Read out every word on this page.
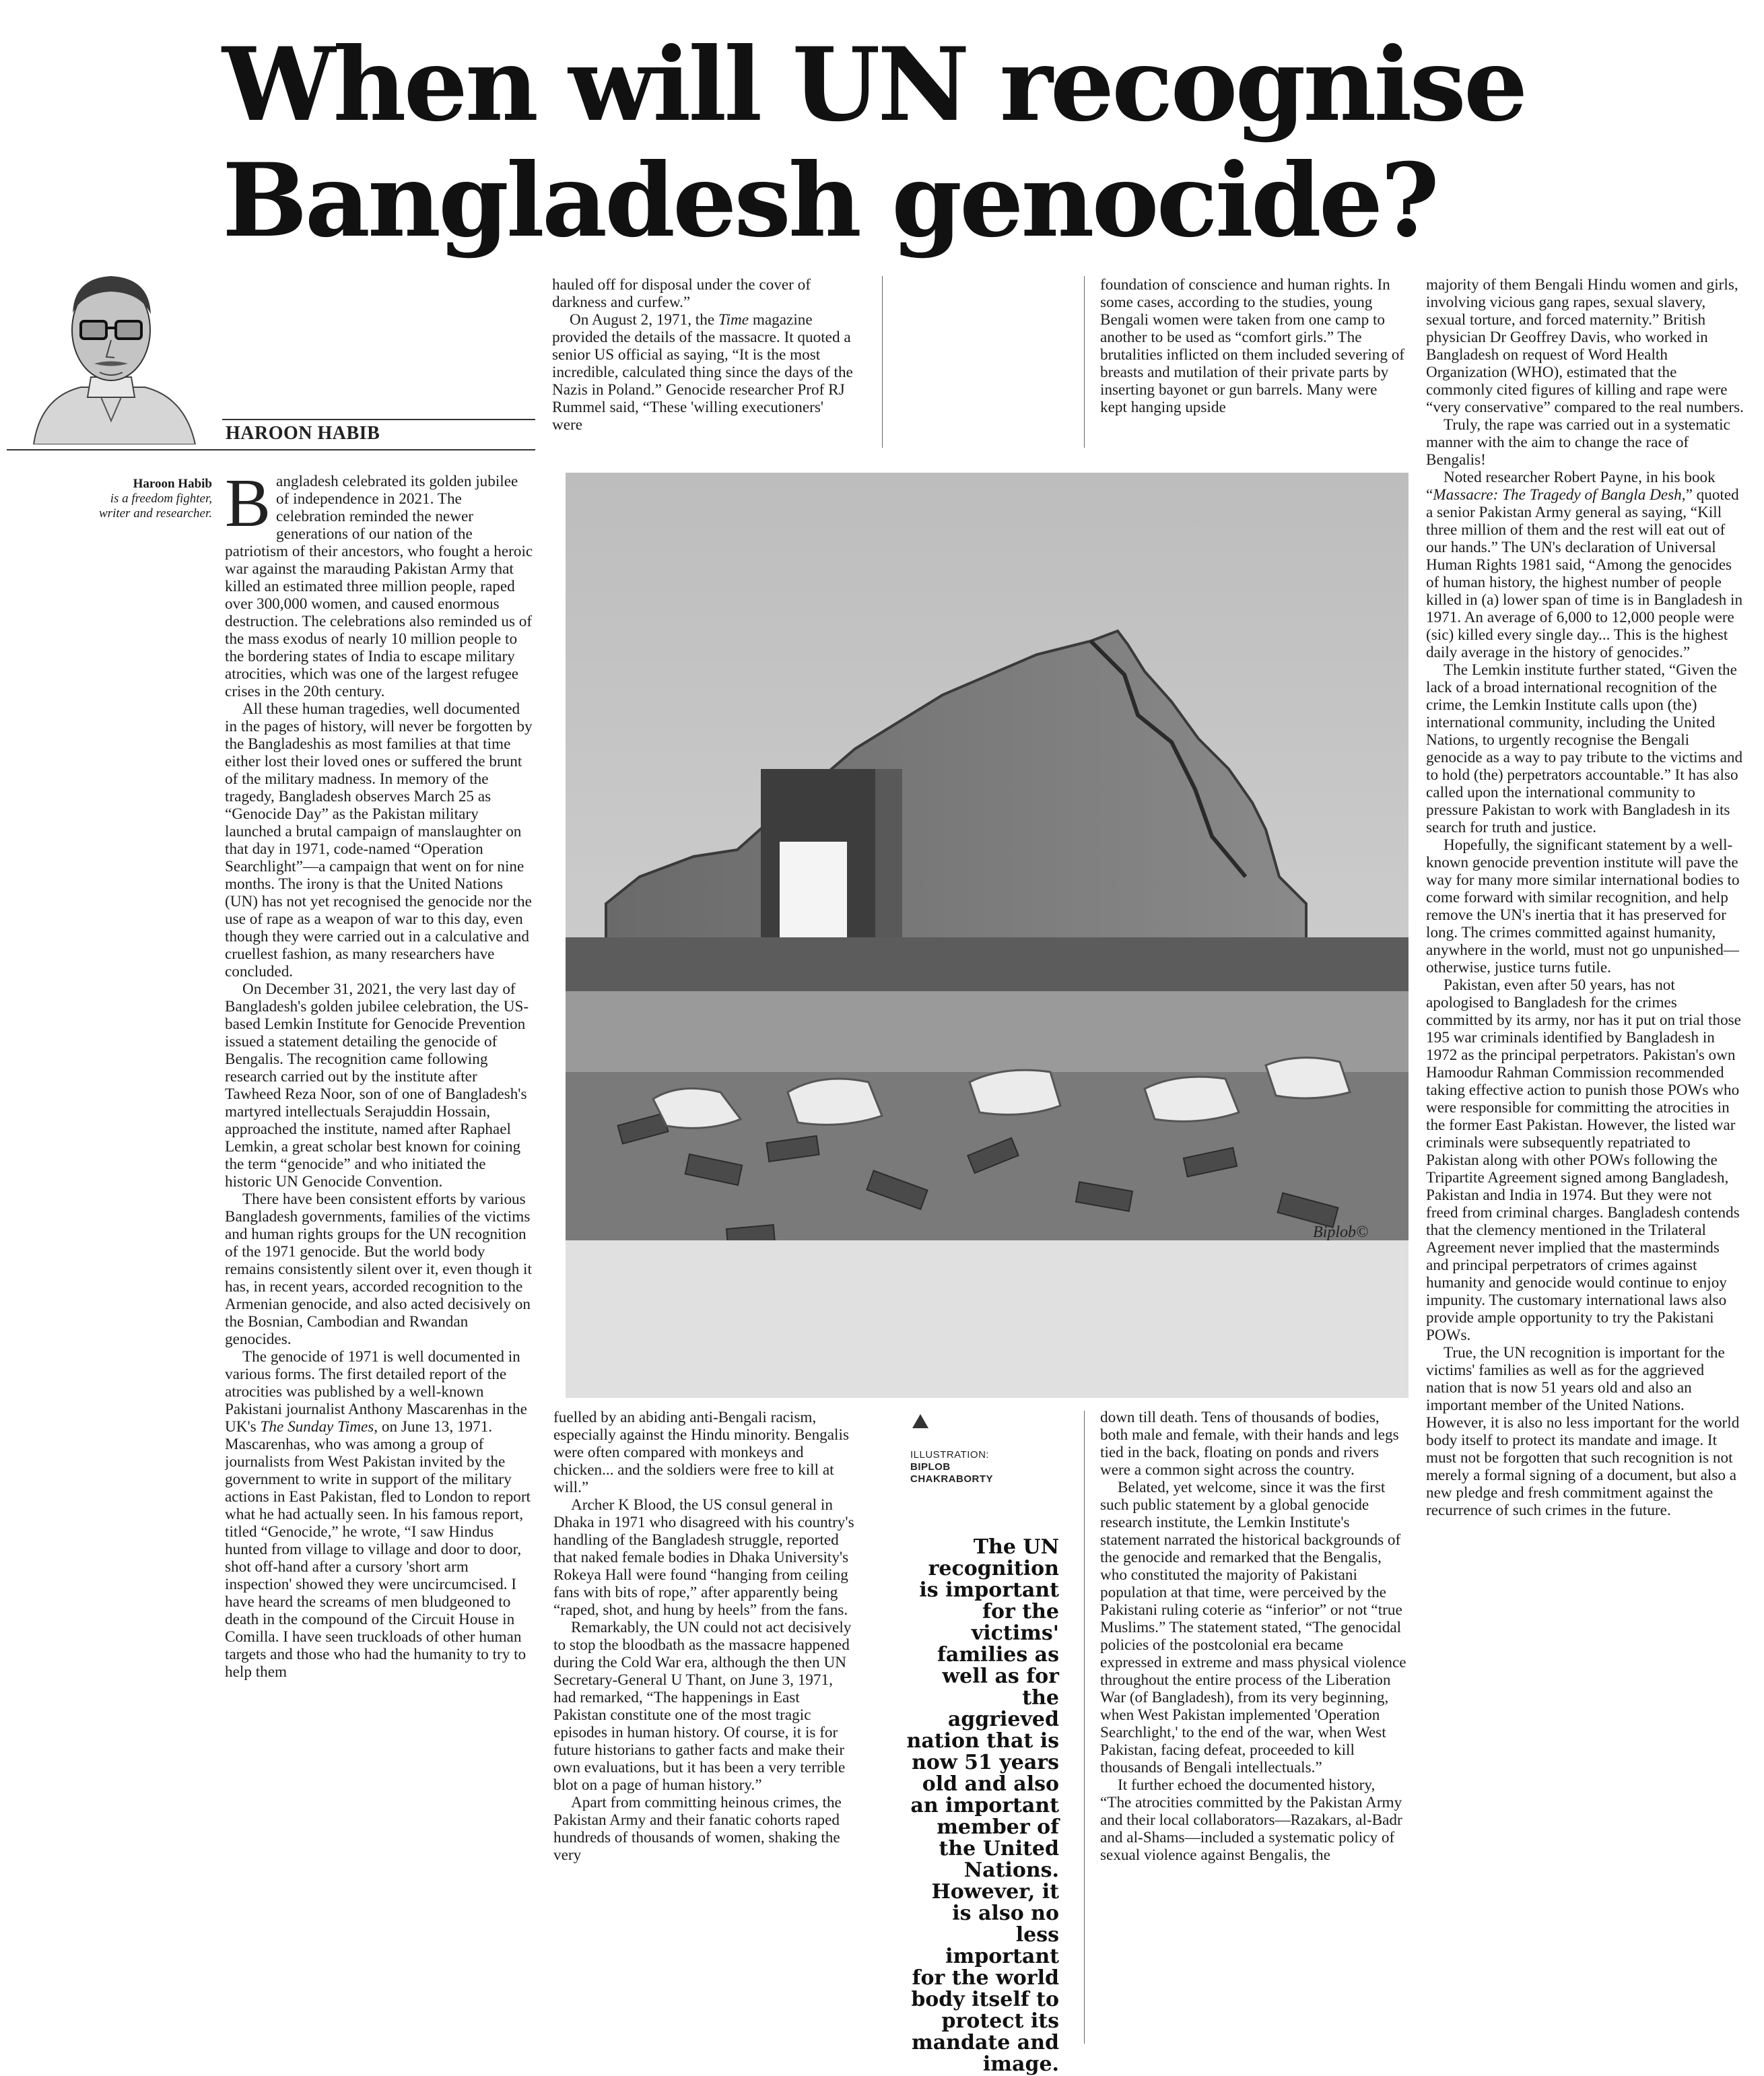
When will UN recognise
Bangladesh genocide?
HAROON HABIB
Haroon Habib
is a freedom fighter,
writer and researcher. Bangladesh celebrated its golden jubilee of independence in 2021. The celebration reminded the newer generations of our nation of the patriotism of their ancestors, who fought a heroic war against the marauding Pakistan Army that killed an estimated three million people, raped over 300,000 women, and caused enormous destruction. The celebrations also reminded us of the mass exodus of nearly 10 million people to the bordering states of India to escape military atrocities, which was one of the largest refugee crises in the 20th century.

All these human tragedies, well documented in the pages of history, will never be forgotten by the Bangladeshis as most families at that time either lost their loved ones or suffered the brunt of the military madness. In memory of the tragedy, Bangladesh observes March 25 as “Genocide Day” as the Pakistan military launched a brutal campaign of manslaughter on that day in 1971, code-named “Operation Searchlight”—a campaign that went on for nine months. The irony is that the United Nations (UN) has not yet recognised the genocide nor the use of rape as a weapon of war to this day, even though they were carried out in a calculative and cruellest fashion, as many researchers have concluded.

On December 31, 2021, the very last day of Bangladesh's golden jubilee celebration, the US-based Lemkin Institute for Genocide Prevention issued a statement detailing the genocide of Bengalis. The recognition came following research carried out by the institute after Tawheed Reza Noor, son of one of Bangladesh's martyred intellectuals Serajuddin Hossain, approached the institute, named after Raphael Lemkin, a great scholar best known for coining the term “genocide” and who initiated the historic UN Genocide Convention.

There have been consistent efforts by various Bangladesh governments, families of the victims and human rights groups for the UN recognition of the 1971 genocide. But the world body remains consistently silent over it, even though it has, in recent years, accorded recognition to the Armenian genocide, and also acted decisively on the Bosnian, Cambodian and Rwandan genocides.

The genocide of 1971 is well documented in various forms. The first detailed report of the atrocities was published by a well-known Pakistani journalist Anthony Mascarenhas in the UK's The Sunday Times, on June 13, 1971. Mascarenhas, who was among a group of journalists from West Pakistan invited by the government to write in support of the military actions in East Pakistan, fled to London to report what he had actually seen. In his famous report, titled “Genocide,” he wrote, “I saw Hindus hunted from village to village and door to door, shot off-hand after a cursory 'short arm inspection' showed they were uncircumcised. I have heard the screams of men bludgeoned to death in the compound of the Circuit House in Comilla. I have seen truckloads of other human targets and those who had the humanity to try to help them

hauled off for disposal under the cover of darkness and curfew.”

On August 2, 1971, the Time magazine provided the details of the massacre. It quoted a senior US official as saying, “It is the most incredible, calculated thing since the days of the Nazis in Poland.” Genocide researcher Prof RJ Rummel said, “These 'willing executioners' were

foundation of conscience and human rights. In some cases, according to the studies, young Bengali women were taken from one camp to another to be used as “comfort girls.” The brutalities inflicted on them included severing of breasts and mutilation of their private parts by inserting bayonet or gun barrels. Many were kept hanging upside

Biplob©
ILLUSTRATION:
BIPLOB
CHAKRABORTY
The UN recognition is important for the victims' families as well as for the aggrieved nation that is now 51 years old and also an important member of the United Nations. However, it is also no less important for the world body itself to protect its mandate and image.

fuelled by an abiding anti-Bengali racism, especially against the Hindu minority. Bengalis were often compared with monkeys and chicken... and the soldiers were free to kill at will.”

Archer K Blood, the US consul general in Dhaka in 1971 who disagreed with his country's handling of the Bangladesh struggle, reported that naked female bodies in Dhaka University's Rokeya Hall were found “hanging from ceiling fans with bits of rope,” after apparently being “raped, shot, and hung by heels” from the fans.

Remarkably, the UN could not act decisively to stop the bloodbath as the massacre happened during the Cold War era, although the then UN Secretary-General U Thant, on June 3, 1971, had remarked, “The happenings in East Pakistan constitute one of the most tragic episodes in human history. Of course, it is for future historians to gather facts and make their own evaluations, but it has been a very terrible blot on a page of human history.”

Apart from committing heinous crimes, the Pakistan Army and their fanatic cohorts raped hundreds of thousands of women, shaking the very

down till death. Tens of thousands of bodies, both male and female, with their hands and legs tied in the back, floating on ponds and rivers were a common sight across the country.

Belated, yet welcome, since it was the first such public statement by a global genocide research institute, the Lemkin Institute's statement narrated the historical backgrounds of the genocide and remarked that the Bengalis, who constituted the majority of Pakistani population at that time, were perceived by the Pakistani ruling coterie as “inferior” or not “true Muslims.” The statement stated, “The genocidal policies of the postcolonial era became expressed in extreme and mass physical violence throughout the entire process of the Liberation War (of Bangladesh), from its very beginning, when West Pakistan implemented 'Operation Searchlight,' to the end of the war, when West Pakistan, facing defeat, proceeded to kill thousands of Bengali intellectuals.”

It further echoed the documented history, “The atrocities committed by the Pakistan Army and their local collaborators—Razakars, al-Badr and al-Shams—included a systematic policy of sexual violence against Bengalis, the

majority of them Bengali Hindu women and girls, involving vicious gang rapes, sexual slavery, sexual torture, and forced maternity.” British physician Dr Geoffrey Davis, who worked in Bangladesh on request of Word Health Organization (WHO), estimated that the commonly cited figures of killing and rape were “very conservative” compared to the real numbers.

Truly, the rape was carried out in a systematic manner with the aim to change the race of Bengalis!

Noted researcher Robert Payne, in his book “Massacre: The Tragedy of Bangla Desh,” quoted a senior Pakistan Army general as saying, “Kill three million of them and the rest will eat out of our hands.” The UN's declaration of Universal Human Rights 1981 said, “Among the genocides of human history, the highest number of people killed in (a) lower span of time is in Bangladesh in 1971. An average of 6,000 to 12,000 people were (sic) killed every single day... This is the highest daily average in the history of genocides.”

The Lemkin institute further stated, “Given the lack of a broad international recognition of the crime, the Lemkin Institute calls upon (the) international community, including the United Nations, to urgently recognise the Bengali genocide as a way to pay tribute to the victims and to hold (the) perpetrators accountable.” It has also called upon the international community to pressure Pakistan to work with Bangladesh in its search for truth and justice.

Hopefully, the significant statement by a well-known genocide prevention institute will pave the way for many more similar international bodies to come forward with similar recognition, and help remove the UN's inertia that it has preserved for long. The crimes committed against humanity, anywhere in the world, must not go unpunished—otherwise, justice turns futile.

Pakistan, even after 50 years, has not apologised to Bangladesh for the crimes committed by its army, nor has it put on trial those 195 war criminals identified by Bangladesh in 1972 as the principal perpetrators. Pakistan's own Hamoodur Rahman Commission recommended taking effective action to punish those POWs who were responsible for committing the atrocities in the former East Pakistan. However, the listed war criminals were subsequently repatriated to Pakistan along with other POWs following the Tripartite Agreement signed among Bangladesh, Pakistan and India in 1974. But they were not freed from criminal charges. Bangladesh contends that the clemency mentioned in the Trilateral Agreement never implied that the masterminds and principal perpetrators of crimes against humanity and genocide would continue to enjoy impunity. The customary international laws also provide ample opportunity to try the Pakistani POWs.

True, the UN recognition is important for the victims' families as well as for the aggrieved nation that is now 51 years old and also an important member of the United Nations. However, it is also no less important for the world body itself to protect its mandate and image. It must not be forgotten that such recognition is not merely a formal signing of a document, but also a new pledge and fresh commitment against the recurrence of such crimes in the future.
